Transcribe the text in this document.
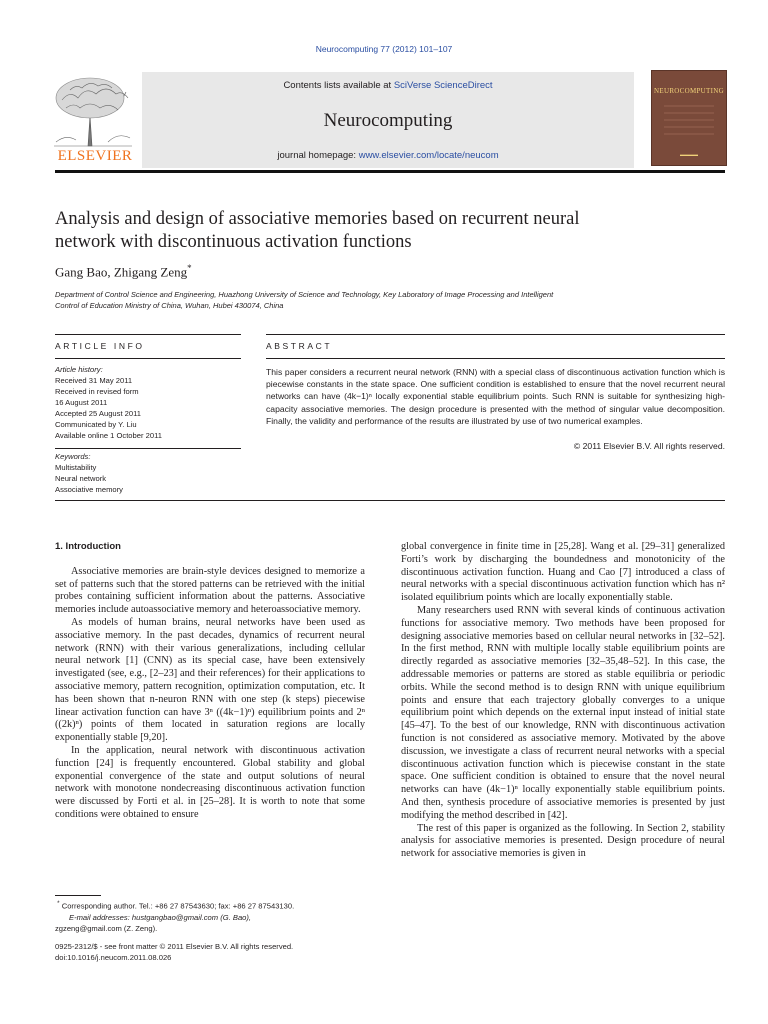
Neurocomputing 77 (2012) 101–107
Contents lists available at SciVerse ScienceDirect
Neurocomputing
journal homepage: www.elsevier.com/locate/neucom
ELSEVIER
NEUROCOMPUTING
▬▬▬▬
Analysis and design of associative memories based on recurrent neural
network with discontinuous activation functions
Gang Bao, Zhigang Zeng*
Department of Control Science and Engineering, Huazhong University of Science and Technology, Key Laboratory of Image Processing and Intelligent
Control of Education Ministry of China, Wuhan, Hubei 430074, China
ARTICLE INFO
Article history:
Received 31 May 2011
Received in revised form
16 August 2011
Accepted 25 August 2011
Communicated by Y. Liu
Available online 1 October 2011
Keywords:
Multistability
Neural network
Associative memory
ABSTRACT
This paper considers a recurrent neural network (RNN) with a special class of discontinuous activation function which is piecewise constants in the state space. One sufficient condition is established to ensure that the novel recurrent neural networks can have (4k−1)ⁿ locally exponential stable equilibrium points. Such RNN is suitable for synthesizing high-capacity associative memories. The design procedure is presented with the method of singular value decomposition. Finally, the validity and performance of the results are illustrated by use of two numerical examples.
© 2011 Elsevier B.V. All rights reserved.
1. Introduction

Associative memories are brain-style devices designed to memorize a set of patterns such that the stored patterns can be retrieved with the initial probes containing sufficient information about the patterns. Associative memories include autoassociative memory and heteroassociative memory.

As models of human brains, neural networks have been used as associative memory. In the past decades, dynamics of recurrent neural network (RNN) with their various generalizations, including cellular neural network [1] (CNN) as its special case, have been extensively investigated (see, e.g., [2–23] and their references) for their applications to associative memory, pattern recognition, optimization computation, etc. It has been shown that n-neuron RNN with one step (k steps) piecewise linear activation function can have 3ⁿ ((4k−1)ⁿ) equilibrium points and 2ⁿ ((2k)ⁿ) points of them located in saturation regions are locally exponentially stable [9,20].

In the application, neural network with discontinuous activation function [24] is frequently encountered. Global stability and global exponential convergence of the state and output solutions of neural network with monotone nondecreasing discontinuous activation function were discussed by Forti et al. in [25–28]. It is worth to note that some conditions were obtained to ensure

global convergence in finite time in [25,28]. Wang et al. [29–31] generalized Forti’s work by discharging the boundedness and monotonicity of the discontinuous activation function. Huang and Cao [7] introduced a class of neural networks with a special discontinuous activation function which has n² isolated equilibrium points which are locally exponentially stable.

Many researchers used RNN with several kinds of continuous activation functions for associative memory. Two methods have been proposed for designing associative memories based on cellular neural networks in [32–52]. In the first method, RNN with multiple locally stable equilibrium points are directly regarded as associative memories [32–35,48–52]. In this case, the addressable memories or patterns are stored as stable equilibria or periodic orbits. While the second method is to design RNN with unique equilibrium points and ensure that each trajectory globally converges to a unique equilibrium point which depends on the external input instead of initial state [45–47]. To the best of our knowledge, RNN with discontinuous activation function is not considered as associative memory. Motivated by the above discussion, we investigate a class of recurrent neural networks with a special discontinuous activation function which is piecewise constant in the state space. One sufficient condition is obtained to ensure that the novel neural networks can have (4k−1)ⁿ locally exponentially stable equilibrium points. And then, synthesis procedure of associative memories is presented by just modifying the method described in [42].

The rest of this paper is organized as the following. In Section 2, stability analysis for associative memories is presented. Design procedure of neural network for associative memories is given in

* Corresponding author. Tel.: +86 27 87543630; fax: +86 27 87543130.
E-mail addresses: hustgangbao@gmail.com (G. Bao),
zgzeng@gmail.com (Z. Zeng).
0925-2312/$ - see front matter © 2011 Elsevier B.V. All rights reserved.
doi:10.1016/j.neucom.2011.08.026
